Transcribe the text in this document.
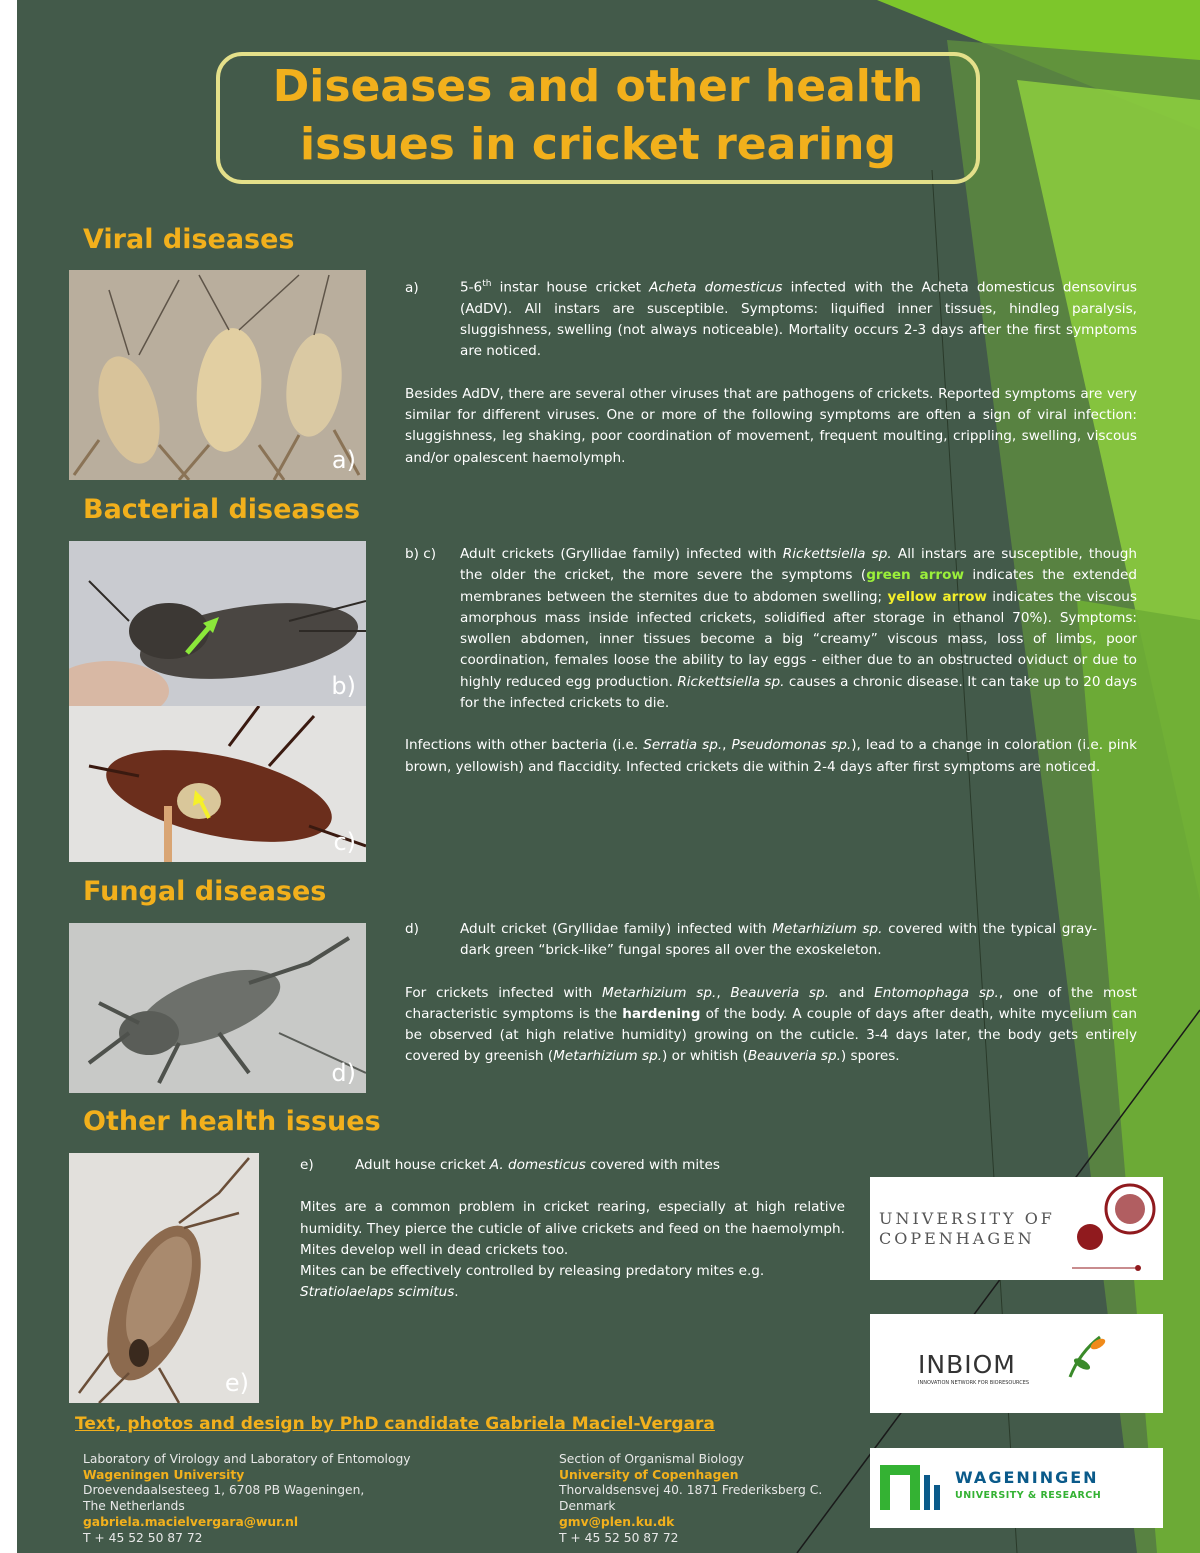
Diseases and other health
issues in cricket rearing
Viral diseases
a)
a)	5-6th instar house cricket Acheta domesticus infected with the Acheta domesticus densovirus (AdDV). All instars are susceptible. Symptoms: liquified inner tissues, hindleg paralysis, sluggishness, swelling (not always noticeable). Mortality occurs 2-3 days after the first symptoms are noticed.
Besides AdDV, there are several other viruses that are pathogens of crickets. Reported symptoms are very similar for different viruses. One or more of the following symptoms are often a sign of viral infection: sluggishness, leg shaking, poor coordination of movement, frequent moulting, crippling, swelling, viscous and/or opalescent haemolymph.
Bacterial diseases
b)
c)
b) c) Adult crickets (Gryllidae family) infected with Rickettsiella sp. All instars are susceptible, though the older the cricket, the more severe the symptoms (green arrow indicates the extended membranes between the sternites due to abdomen swelling; yellow arrow indicates the viscous amorphous mass inside infected crickets, solidified after storage in ethanol 70%). Symptoms: swollen abdomen, inner tissues become a big “creamy” viscous mass, loss of limbs, poor coordination, females loose the ability to lay eggs - either due to an obstructed oviduct or due to highly reduced egg production. Rickettsiella sp. causes a chronic disease. It can take up to 20 days for the infected crickets to die.
Infections with other bacteria (i.e. Serratia sp., Pseudomonas sp.), lead to a change in coloration (i.e. pink brown, yellowish) and flaccidity. Infected crickets die within 2-4 days after first symptoms are noticed.
Fungal diseases
d)
d)	Adult cricket (Gryllidae family) infected with Metarhizium sp. covered with the typical gray-dark green “brick-like” fungal spores all over the exoskeleton.
For crickets infected with Metarhizium sp., Beauveria sp. and Entomophaga sp., one of the most characteristic symptoms is the hardening of the body. A couple of days after death, white mycelium can be observed (at high relative humidity) growing on the cuticle. 3-4 days later, the body gets entirely covered by greenish (Metarhizium sp.) or whitish (Beauveria sp.) spores.
Other health issues
e)
e)	Adult house cricket A. domesticus covered with mites
Mites are a common problem in cricket rearing, especially at high relative humidity. They pierce the cuticle of alive crickets and feed on the haemolymph. Mites develop well in dead crickets too.
Mites can be effectively controlled by releasing predatory mites e.g. Stratiolaelaps scimitus.
UNIVERSITY OF
COPENHAGEN
INBIOM
INNOVATION NETWORK FOR BIORESOURCES
WAGENINGEN
UNIVERSITY & RESEARCH
Text, photos and design by PhD candidate Gabriela Maciel-Vergara
Laboratory of Virology and Laboratory of Entomology
Wageningen University
Droevendaalsesteeg 1, 6708 PB Wageningen,
The Netherlands
gabriela.macielvergara@wur.nl
T + 45 52 50 87 72
Section of Organismal Biology
University of Copenhagen
Thorvaldsensvej 40. 1871 Frederiksberg C.
Denmark
gmv@plen.ku.dk
T + 45 52 50 87 72
